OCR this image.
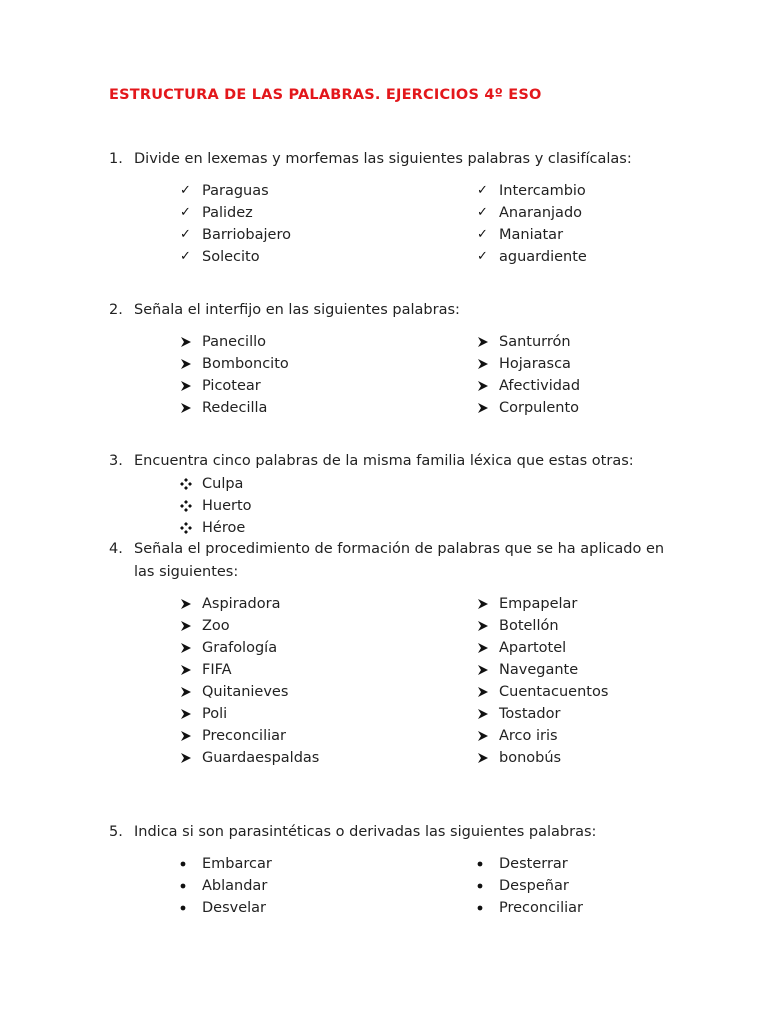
ESTRUCTURA DE LAS PALABRAS. EJERCICIOS 4º ESO
1. Divide en lexemas y morfemas las siguientes palabras y clasifícalas:
✓ Paraguas
✓ Palidez
✓ Barriobajero
✓ Solecito
✓ Intercambio
✓ Anaranjado
✓ Maniatar
✓ aguardiente
2. Señala el interfijo en las siguientes palabras:
Panecillo
Bomboncito
Picotear
Redecilla
Santurrón
Hojarasca
Afectividad
Corpulento
3. Encuentra cinco palabras de la misma familia léxica que estas otras:
Culpa
Huerto
Héroe
4. Señala el procedimiento de formación de palabras que se ha aplicado en
las siguientes:
Aspiradora
Zoo
Grafología
FIFA
Quitanieves
Poli
Preconciliar
Guardaespaldas
Empapelar
Botellón
Apartotel
Navegante
Cuentacuentos
Tostador
Arco iris
bonobús
5. Indica si son parasintéticas o derivadas las siguientes palabras:
Embarcar
Ablandar
Desvelar
Desterrar
Despeñar
Preconciliar
